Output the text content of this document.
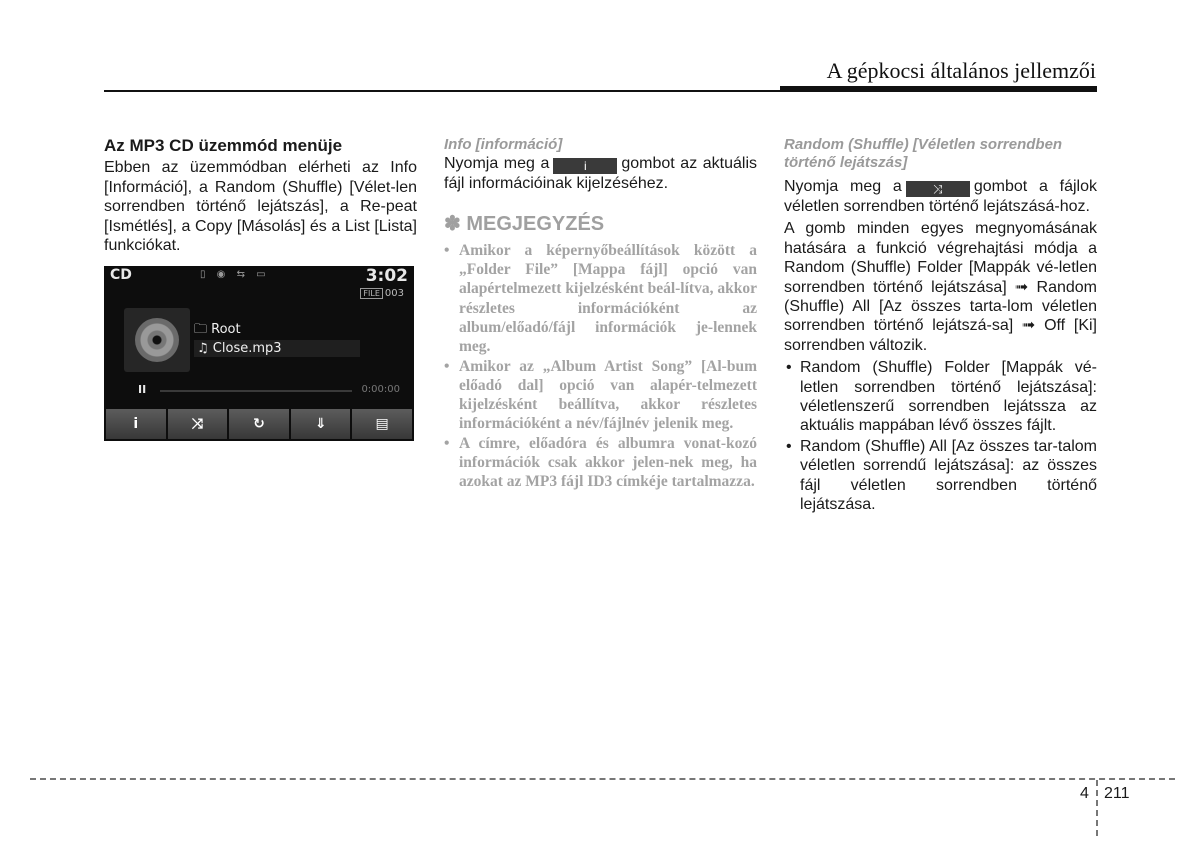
A gépkocsi általános jellemzői

Az MP3 CD üzemmód menüje

Ebben az üzemmódban elérheti az Info [Információ], a Random (Shuffle) [Vélet-len sorrendben történő lejátszás], a Re-peat [Ismétlés], a Copy [Másolás] és a List [Lista] funkciókat.

CD	▯ ◉ ⇆ ▭	3:02
FILE 003
🗀 Root
♫ Close.mp3
II	0:00:00
i	⤨	↻	⇓	▤

Info [információ]

Nyomja meg a	i gombot az aktuális fájl információinak kijelzéséhez.

✽ MEGJEGYZÉS
• Amikor a képernyőbeállítások között a „Folder File” [Mappa fájl] opció van alapértelmezett kijelzésként beál-lítva, akkor részletes információként az album/előadó/fájl információk je-lennek meg.
• Amikor az „Album Artist Song” [Al-bum előadó dal] opció van alapér-telmezett kijelzésként beállítva, akkor részletes információként a név/fájlnév jelenik meg.
• A címre, előadóra és albumra vonat-kozó információk csak akkor jelen-nek meg, ha azokat az MP3 fájl ID3 címkéje tartalmazza.

Random (Shuffle) [Véletlen sorrendben történő lejátszás]

Nyomja meg a	⤨ gombot a fájlok véletlen sorrendben történő lejátszásá-hoz.

A gomb minden egyes megnyomásának hatására a funkció végrehajtási módja a Random (Shuffle) Folder [Mappák vé-letlen sorrendben történő lejátszása] ➟ Random (Shuffle) All [Az összes tarta-lom véletlen sorrendben történő lejátszá-sa] ➟ Off [Ki] sorrendben változik.

• Random (Shuffle) Folder [Mappák vé-letlen sorrendben történő lejátszása]: véletlenszerű sorrendben lejátssza az aktuális mappában lévő összes fájlt.
• Random (Shuffle) All [Az összes tar-talom véletlen sorrendű lejátszása]: az összes fájl véletlen sorrendben történő lejátszása.
4 211
